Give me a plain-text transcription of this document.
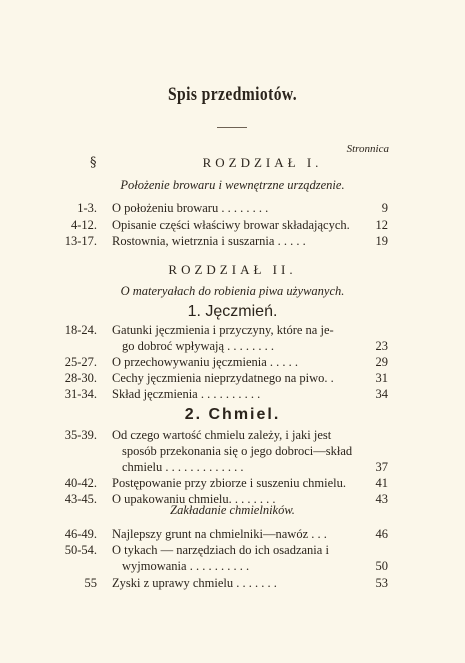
Spis przedmiotów.
Stronnica
§	ROZDZIAŁ I.
Położenie browaru i wewnętrzne urządzenie.
1-3. O położeniu browaru . . . . . . . .	9
4-12. Opisanie części właściwy browar składających.	12
13-17. Rostownia, wietrznia i suszarnia . . . . .	19
ROZDZIAŁ II.
O materyałach do robienia piwa używanych.
1. Jęczmień.
18-24. Gatunki jęczmienia i przyczyny, które na je-
go dobroć wpływają . . . . . . . .	23
25-27. O przechowywaniu jęczmienia . . . . .	29
28-30. Cechy jęczmienia nieprzydatnego na piwo. .	31
31-34. Skład jęczmienia . . . . . . . . . .	34
2. Chmiel.
35-39. Od czego wartość chmielu zależy, i jaki jest
sposób przekonania się o jego dobroci—skład
chmielu . . . . . . . . . . . . .	37
40-42. Postępowanie przy zbiorze i suszeniu chmielu.	41
43-45. O upakowaniu chmielu. . . . . . . .	43
Zakładanie chmielników.
46-49. Najlepszy grunt na chmielniki—nawóz . . .	46
50-54. O tykach — narzędziach do ich osadzania i
wyjmowania . . . . . . . . . .	50
55 Zyski z uprawy chmielu . . . . . . .	53
